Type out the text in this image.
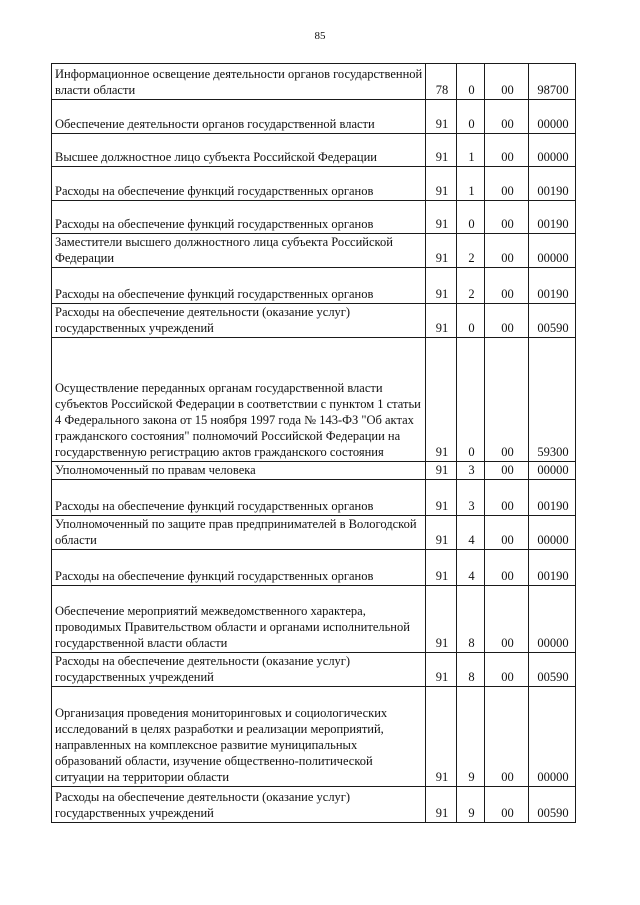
85
Информационное освещение деятельности органов государственной власти области	78	0	00	98700
Обеспечение деятельности органов государственной власти	91	0	00	00000
Высшее должностное лицо субъекта Российской Федерации	91	1	00	00000
Расходы на обеспечение функций государственных органов	91	1	00	00190
Расходы на обеспечение функций государственных органов	91	0	00	00190
Заместители высшего должностного лица субъекта Российской Федерации	91	2	00	00000
Расходы на обеспечение функций государственных органов	91	2	00	00190
Расходы на обеспечение деятельности (оказание услуг) государственных учреждений	91	0	00	00590
Осуществление переданных органам государственной власти субъектов Российской Федерации в соответствии с пунктом 1 статьи 4 Федерального закона от 15 ноября 1997 года № 143-ФЗ "Об актах гражданского состояния" полномочий Российской Федерации на государственную регистрацию актов гражданского состояния	91	0	00	59300
Уполномоченный по правам человека	91	3	00	00000
Расходы на обеспечение функций государственных органов	91	3	00	00190
Уполномоченный по защите прав предпринимателей в Вологодской области	91	4	00	00000
Расходы на обеспечение функций государственных органов	91	4	00	00190
Обеспечение мероприятий межведомственного характера, проводимых Правительством области и органами исполнительной государственной власти области	91	8	00	00000
Расходы на обеспечение деятельности (оказание услуг) государственных учреждений	91	8	00	00590
Организация проведения мониторинговых и социологических исследований в целях разработки и реализации мероприятий, направленных на комплексное развитие муниципальных образований области, изучение общественно-политической ситуации на территории области	91	9	00	00000
Расходы на обеспечение деятельности (оказание услуг) государственных учреждений	91	9	00	00590
